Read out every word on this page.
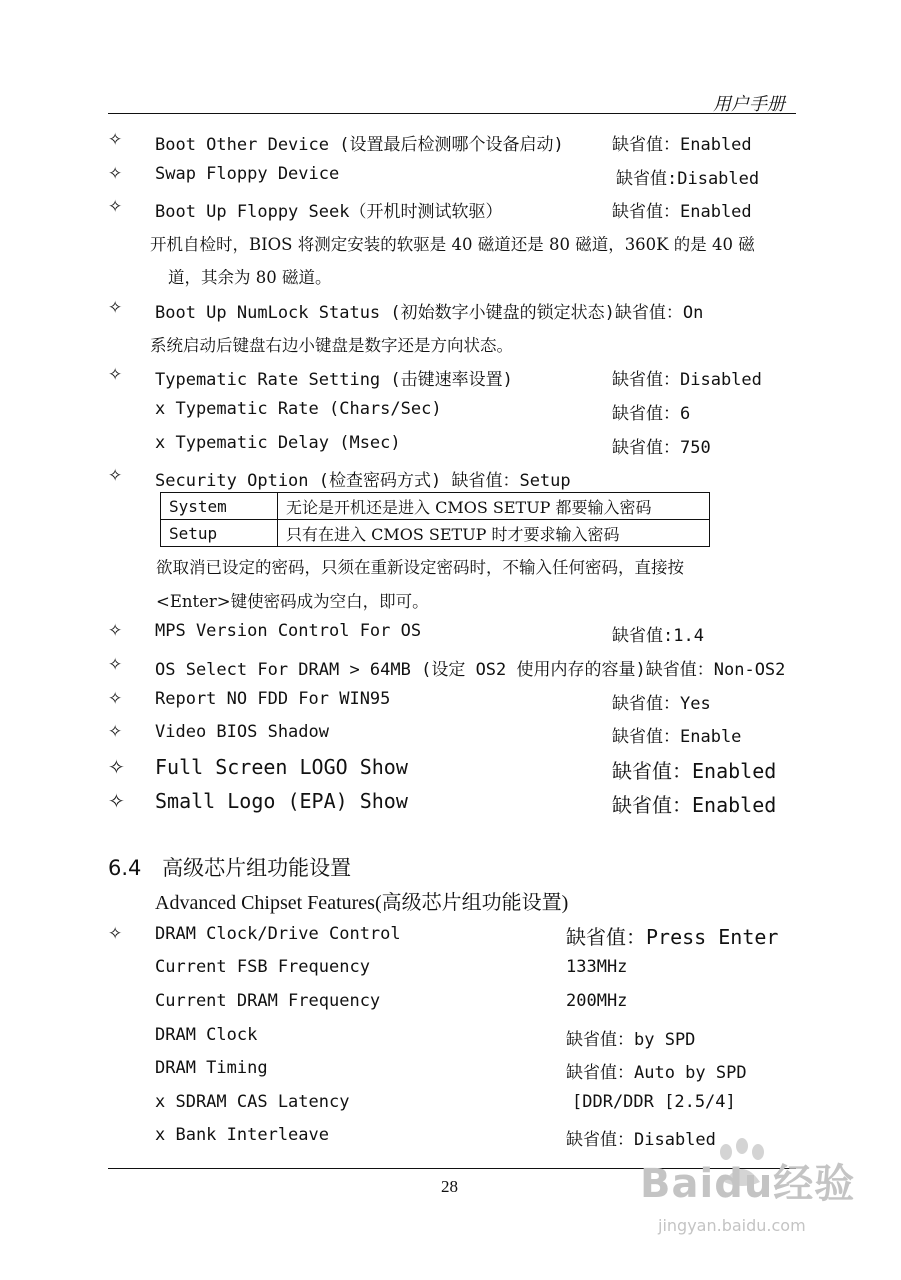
用户手册
✧ Boot Other Device (设置最后检测哪个设备启动)	缺省值：Enabled
✧ Swap Floppy Device	缺省值:Disabled
✧ Boot Up Floppy Seek（开机时测试软驱）	缺省值：Enabled
开机自检时，BIOS 将测定安装的软驱是 40 磁道还是 80 磁道，360K 的是 40 磁
道，其余为 80 磁道。
✧ Boot Up NumLock Status (初始数字小键盘的锁定状态)缺省值：On
系统启动后键盘右边小键盘是数字还是方向状态。
✧ Typematic Rate Setting (击键速率设置)	缺省值：Disabled
x Typematic Rate (Chars/Sec)	缺省值：6
x Typematic Delay (Msec)	缺省值：750
✧ Security Option (检查密码方式) 缺省值：Setup
System	无论是开机还是进入 CMOS SETUP 都要输入密码
Setup	只有在进入 CMOS SETUP 时才要求输入密码
欲取消已设定的密码，只须在重新设定密码时，不输入任何密码，直接按
<Enter>键使密码成为空白，即可。
✧ MPS Version Control For OS	缺省值:1.4
✧ OS Select For DRAM > 64MB (设定 OS2 使用内存的容量)缺省值：Non-OS2
✧ Report NO FDD For WIN95	缺省值：Yes
✧ Video BIOS Shadow	缺省值：Enable
✧ Full Screen LOGO Show	缺省值：Enabled
✧ Small Logo (EPA) Show	缺省值：Enabled
6.4 高级芯片组功能设置
Advanced Chipset Features(高级芯片组功能设置)
✧ DRAM Clock/Drive Control	缺省值：Press Enter
Current FSB Frequency	133MHz
Current DRAM Frequency	200MHz
DRAM Clock	缺省值：by SPD
DRAM Timing	缺省值：Auto by SPD
x SDRAM CAS Latency	[DDR/DDR [2.5/4]
x Bank Interleave	缺省值：Disabled
28	Baidu经验
jingyan.baidu.com
